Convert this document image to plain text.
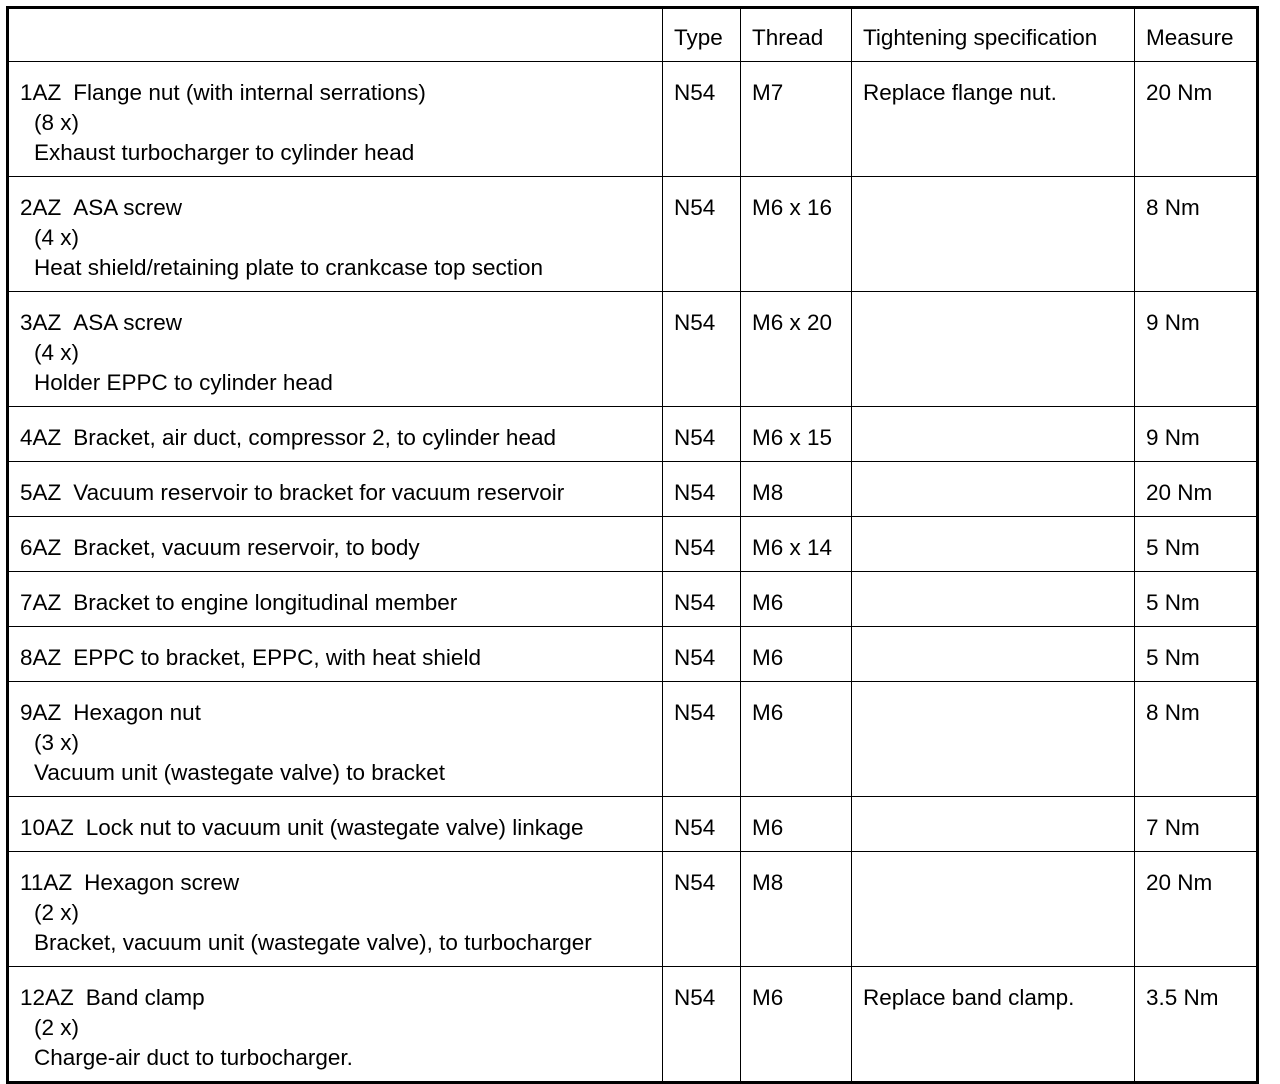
	Type	Thread	Tightening specification	Measure
1AZ Flange nut (with internal serrations)
(8 x)
Exhaust turbocharger to cylinder head	N54	M7	Replace flange nut.	20 Nm
2AZ ASA screw
(4 x)
Heat shield/retaining plate to crankcase top section	N54	M6 x 16		8 Nm
3AZ ASA screw
(4 x)
Holder EPPC to cylinder head	N54	M6 x 20		9 Nm
4AZ Bracket, air duct, compressor 2, to cylinder head	N54	M6 x 15		9 Nm
5AZ Vacuum reservoir to bracket for vacuum reservoir	N54	M8		20 Nm
6AZ Bracket, vacuum reservoir, to body	N54	M6 x 14		5 Nm
7AZ Bracket to engine longitudinal member	N54	M6		5 Nm
8AZ EPPC to bracket, EPPC, with heat shield	N54	M6		5 Nm
9AZ Hexagon nut
(3 x)
Vacuum unit (wastegate valve) to bracket	N54	M6		8 Nm
10AZ Lock nut to vacuum unit (wastegate valve) linkage	N54	M6		7 Nm
11AZ Hexagon screw
(2 x)
Bracket, vacuum unit (wastegate valve), to turbocharger	N54	M8		20 Nm
12AZ Band clamp
(2 x)
Charge-air duct to turbocharger.	N54	M6	Replace band clamp.	3.5 Nm
